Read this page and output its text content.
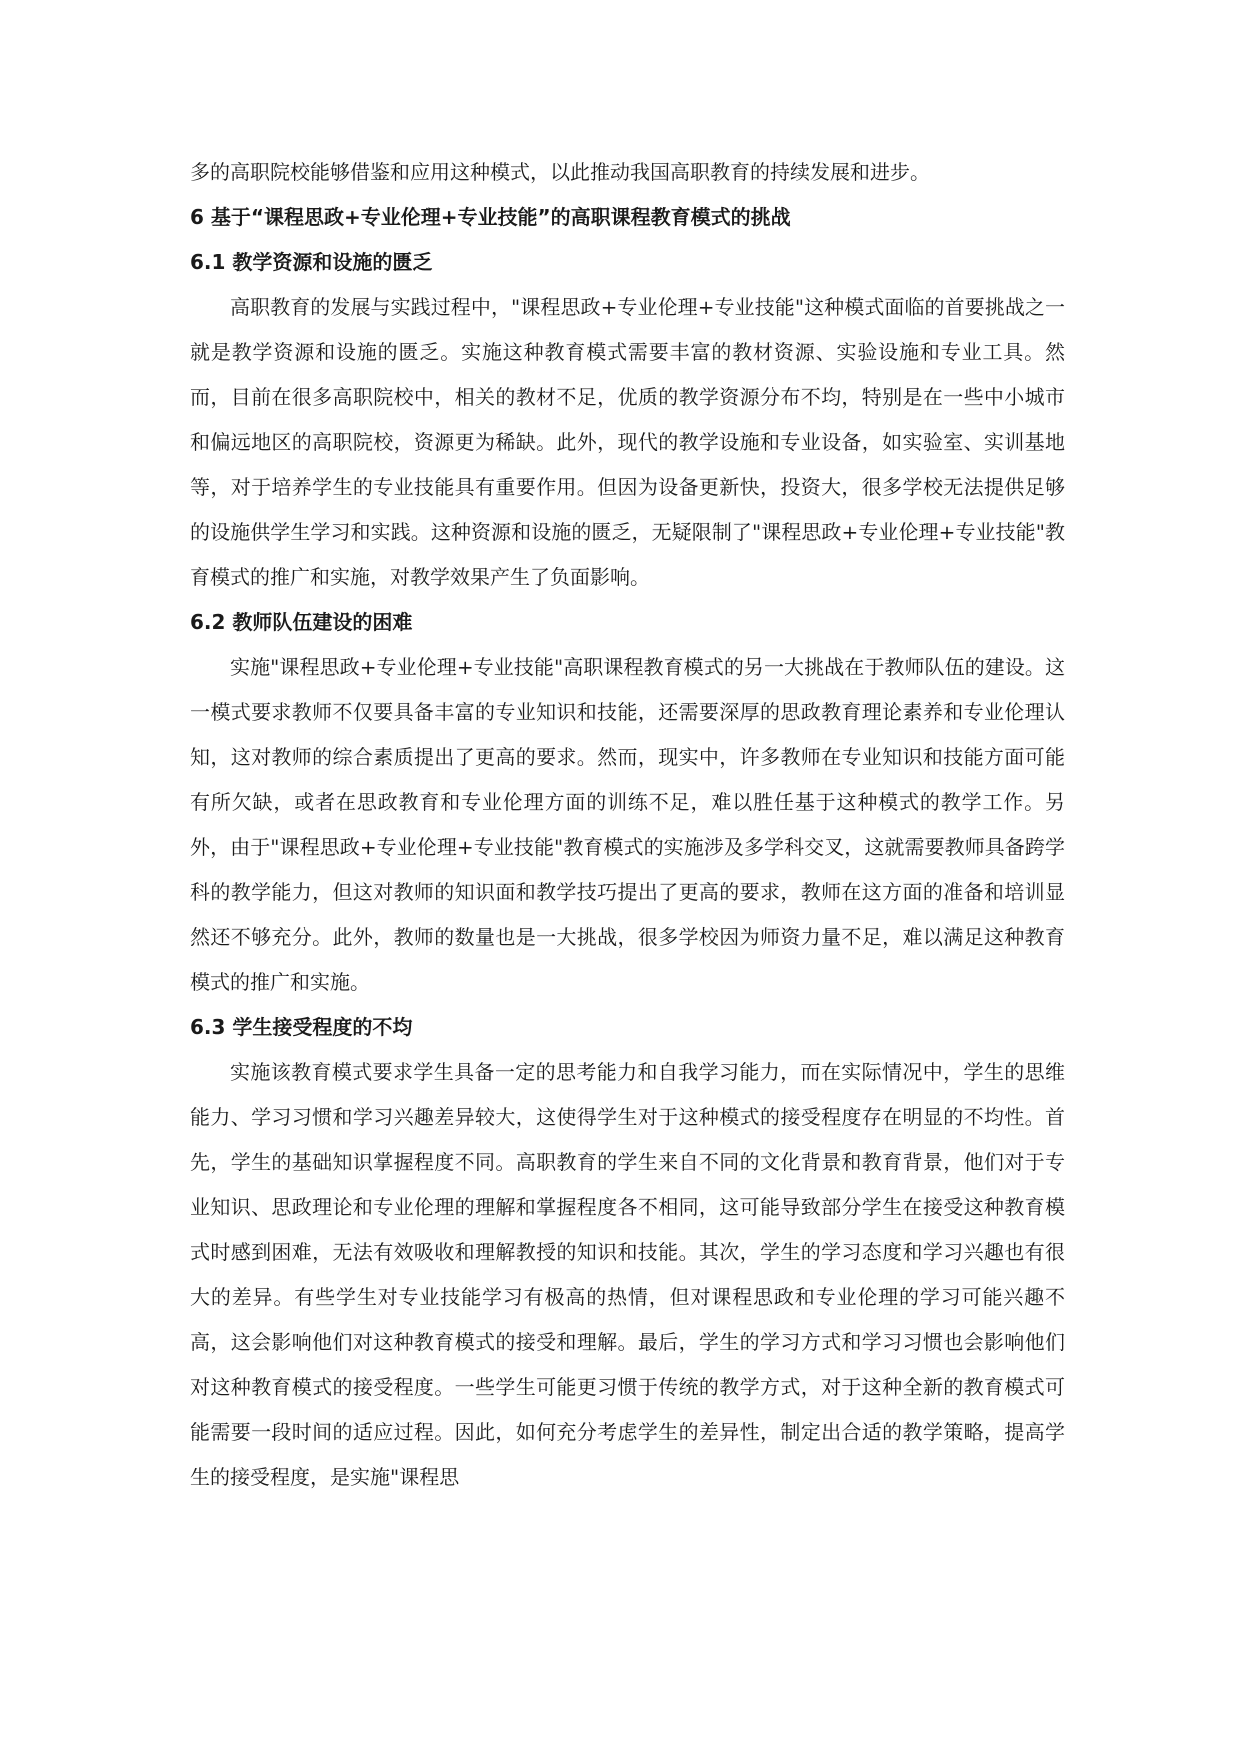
多的高职院校能够借鉴和应用这种模式，以此推动我国高职教育的持续发展和进步。

6 基于“课程思政+专业伦理+专业技能”的高职课程教育模式的挑战
6.1 教学资源和设施的匮乏

高职教育的发展与实践过程中，"课程思政+专业伦理+专业技能"这种模式面临的首要挑战之一就是教学资源和设施的匮乏。实施这种教育模式需要丰富的教材资源、实验设施和专业工具。然而，目前在很多高职院校中，相关的教材不足，优质的教学资源分布不均，特别是在一些中小城市和偏远地区的高职院校，资源更为稀缺。此外，现代的教学设施和专业设备，如实验室、实训基地等，对于培养学生的专业技能具有重要作用。但因为设备更新快，投资大，很多学校无法提供足够的设施供学生学习和实践。这种资源和设施的匮乏，无疑限制了"课程思政+专业伦理+专业技能"教育模式的推广和实施，对教学效果产生了负面影响。

6.2 教师队伍建设的困难

实施"课程思政+专业伦理+专业技能"高职课程教育模式的另一大挑战在于教师队伍的建设。这一模式要求教师不仅要具备丰富的专业知识和技能，还需要深厚的思政教育理论素养和专业伦理认知，这对教师的综合素质提出了更高的要求。然而，现实中，许多教师在专业知识和技能方面可能有所欠缺，或者在思政教育和专业伦理方面的训练不足，难以胜任基于这种模式的教学工作。另外，由于"课程思政+专业伦理+专业技能"教育模式的实施涉及多学科交叉，这就需要教师具备跨学科的教学能力，但这对教师的知识面和教学技巧提出了更高的要求，教师在这方面的准备和培训显然还不够充分。此外，教师的数量也是一大挑战，很多学校因为师资力量不足，难以满足这种教育模式的推广和实施。

6.3 学生接受程度的不均

实施该教育模式要求学生具备一定的思考能力和自我学习能力，而在实际情况中，学生的思维能力、学习习惯和学习兴趣差异较大，这使得学生对于这种模式的接受程度存在明显的不均性。首先，学生的基础知识掌握程度不同。高职教育的学生来自不同的文化背景和教育背景，他们对于专业知识、思政理论和专业伦理的理解和掌握程度各不相同，这可能导致部分学生在接受这种教育模式时感到困难，无法有效吸收和理解教授的知识和技能。其次，学生的学习态度和学习兴趣也有很大的差异。有些学生对专业技能学习有极高的热情，但对课程思政和专业伦理的学习可能兴趣不高，这会影响他们对这种教育模式的接受和理解。最后，学生的学习方式和学习习惯也会影响他们对这种教育模式的接受程度。一些学生可能更习惯于传统的教学方式，对于这种全新的教育模式可能需要一段时间的适应过程。因此，如何充分考虑学生的差异性，制定出合适的教学策略，提高学生的接受程度，是实施"课程思
